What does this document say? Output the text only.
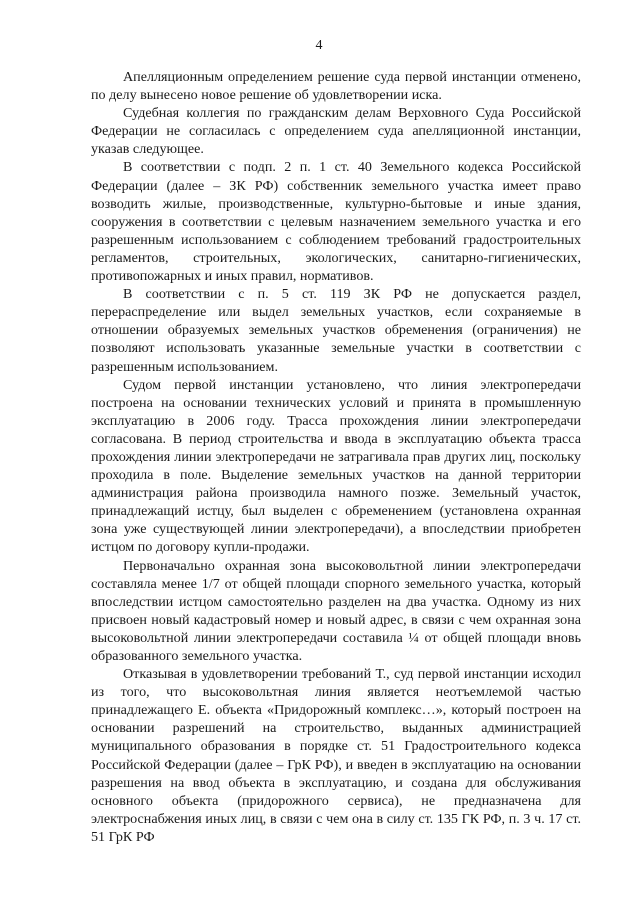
4

Апелляционным определением решение суда первой инстанции отменено, по делу вынесено новое решение об удовлетворении иска.

Судебная коллегия по гражданским делам Верховного Суда Российской Федерации не согласилась с определением суда апелляционной инстанции, указав следующее.

В соответствии с подп. 2 п. 1 ст. 40 Земельного кодекса Российской Федерации (далее – ЗК РФ) собственник земельного участка имеет право возводить жилые, производственные, культурно-бытовые и иные здания, сооружения в соответствии с целевым назначением земельного участка и его разрешенным использованием с соблюдением требований градостроительных регламентов, строительных, экологических, санитарно-гигиенических, противопожарных и иных правил, нормативов.

В соответствии с п. 5 ст. 119 ЗК РФ не допускается раздел, перераспределение или выдел земельных участков, если сохраняемые в отношении образуемых земельных участков обременения (ограничения) не позволяют использовать указанные земельные участки в соответствии с разрешенным использованием.

Судом первой инстанции установлено, что линия электропередачи построена на основании технических условий и принята в промышленную эксплуатацию в 2006 году. Трасса прохождения линии электропередачи согласована. В период строительства и ввода в эксплуатацию объекта трасса прохождения линии электропередачи не затрагивала прав других лиц, поскольку проходила в поле. Выделение земельных участков на данной территории администрация района производила намного позже. Земельный участок, принадлежащий истцу, был выделен с обременением (установлена охранная зона уже существующей линии электропередачи), а впоследствии приобретен истцом по договору купли-продажи.

Первоначально охранная зона высоковольтной линии электропередачи составляла менее 1/7 от общей площади спорного земельного участка, который впоследствии истцом самостоятельно разделен на два участка. Одному из них присвоен новый кадастровый номер и новый адрес, в связи с чем охранная зона высоковольтной линии электропередачи составила ¼ от общей площади вновь образованного земельного участка.

Отказывая в удовлетворении требований Т., суд первой инстанции исходил из того, что высоковольтная линия является неотъемлемой частью принадлежащего Е. объекта «Придорожный комплекс…», который построен на основании разрешений на строительство, выданных администрацией муниципального образования в порядке ст. 51 Градостроительного кодекса Российской Федерации (далее – ГрК РФ), и введен в эксплуатацию на основании разрешения на ввод объекта в эксплуатацию, и создана для обслуживания основного объекта (придорожного сервиса), не предназначена для электроснабжения иных лиц, в связи с чем она в силу ст. 135 ГК РФ, п. 3 ч. 17 ст. 51 ГрК РФ
